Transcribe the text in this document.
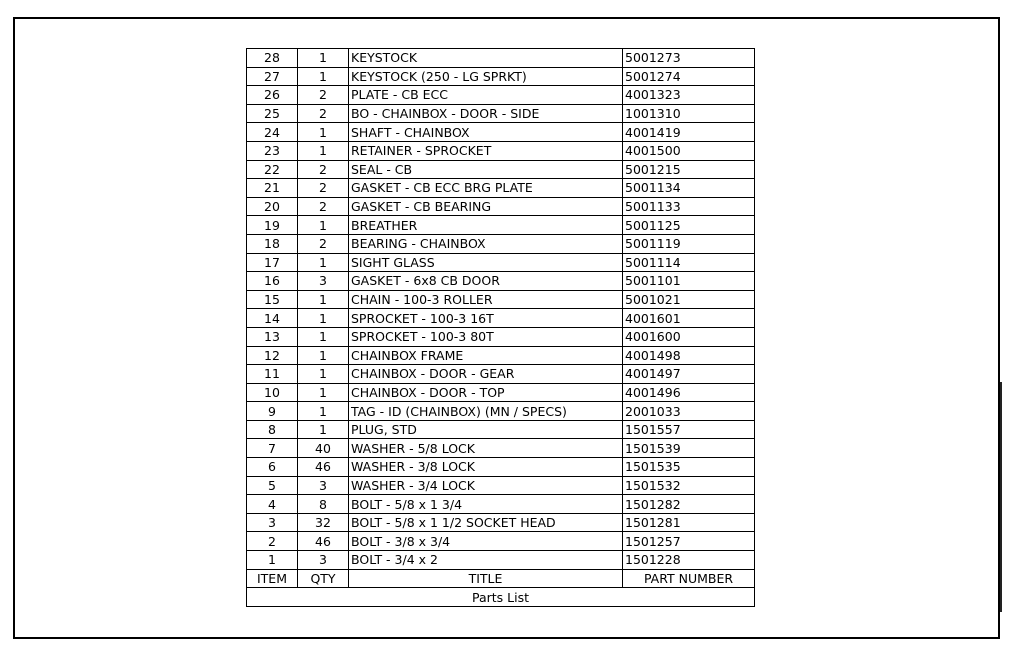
28	1	KEYSTOCK	5001273
27	1	KEYSTOCK (250 - LG SPRKT)	5001274
26	2	PLATE - CB ECC	4001323
25	2	BO - CHAINBOX - DOOR - SIDE	1001310
24	1	SHAFT - CHAINBOX	4001419
23	1	RETAINER - SPROCKET	4001500
22	2	SEAL - CB	5001215
21	2	GASKET - CB ECC BRG PLATE	5001134
20	2	GASKET - CB BEARING	5001133
19	1	BREATHER	5001125
18	2	BEARING - CHAINBOX	5001119
17	1	SIGHT GLASS	5001114
16	3	GASKET - 6x8 CB DOOR	5001101
15	1	CHAIN - 100-3 ROLLER	5001021
14	1	SPROCKET - 100-3 16T	4001601
13	1	SPROCKET - 100-3 80T	4001600
12	1	CHAINBOX FRAME	4001498
11	1	CHAINBOX - DOOR - GEAR	4001497
10	1	CHAINBOX - DOOR - TOP	4001496
9	1	TAG - ID (CHAINBOX) (MN / SPECS)	2001033
8	1	PLUG, STD	1501557
7	40	WASHER - 5/8 LOCK	1501539
6	46	WASHER - 3/8 LOCK	1501535
5	3	WASHER - 3/4 LOCK	1501532
4	8	BOLT - 5/8 x 1 3/4	1501282
3	32	BOLT - 5/8 x 1 1/2 SOCKET HEAD	1501281
2	46	BOLT - 3/8 x 3/4	1501257
1	3	BOLT - 3/4 x 2	1501228
ITEM	QTY	TITLE	PART NUMBER
Parts List			
